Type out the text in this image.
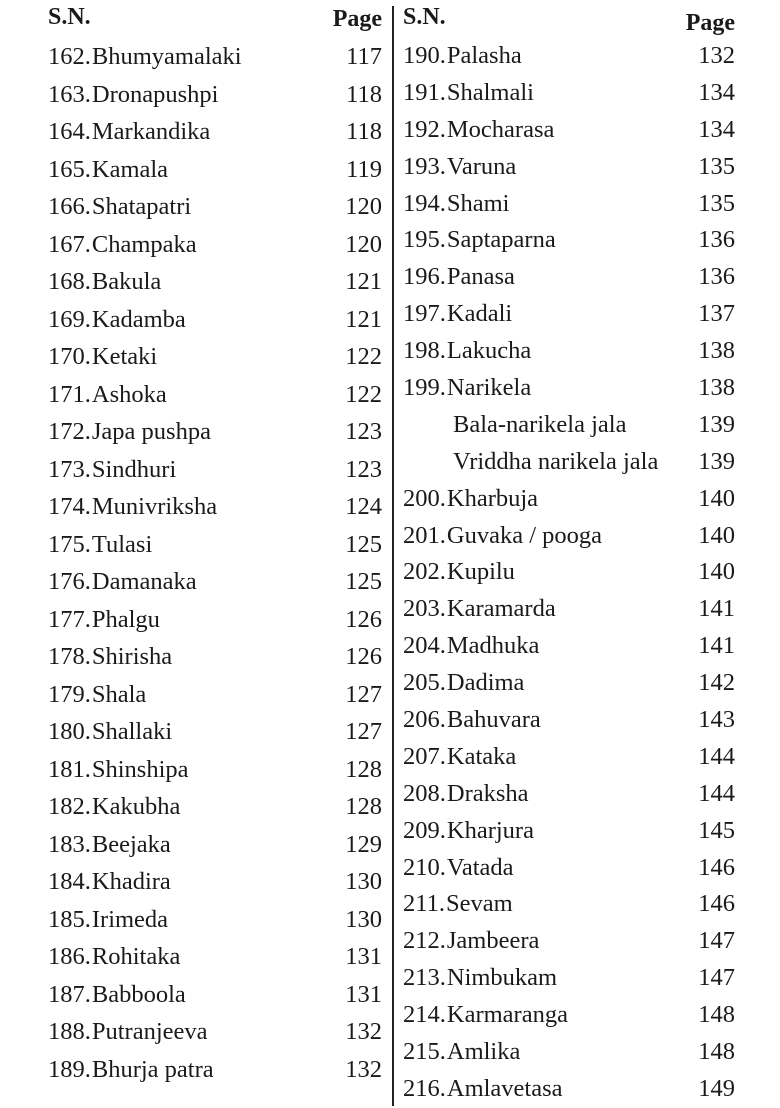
S.N.	Page
162.Bhumyamalaki	117
163.Dronapushpi	118
164.Markandika	118
165.Kamala	119
166.Shatapatri	120
167.Champaka	120
168.Bakula	121
169.Kadamba	121
170.Ketaki	122
171.Ashoka	122
172.Japa pushpa	123
173.Sindhuri	123
174.Munivriksha	124
175.Tulasi	125
176.Damanaka	125
177.Phalgu	126
178.Shirisha	126
179.Shala	127
180.Shallaki	127
181.Shinshipa	128
182.Kakubha	128
183.Beejaka	129
184.Khadira	130
185.Irimeda	130
186.Rohitaka	131
187.Babboola	131
188.Putranjeeva	132
189.Bhurja patra	132
S.N.	Page
190.Palasha	132
191.Shalmali	134
192.Mocharasa	134
193.Varuna	135
194.Shami	135
195.Saptaparna	136
196.Panasa	136
197.Kadali	137
198.Lakucha	138
199.Narikela	138
Bala-narikela jala	139
Vriddha narikela jala 139
200.Kharbuja	140
201.Guvaka / pooga	140
202.Kupilu	140
203.Karamarda	141
204.Madhuka	141
205.Dadima	142
206.Bahuvara	143
207.Kataka	144
208.Draksha	144
209.Kharjura	145
210.Vatada	146
211.Sevam	146
212.Jambeera	147
213.Nimbukam	147
214.Karmaranga	148
215.Amlika	148
216.Amlavetasa	149
